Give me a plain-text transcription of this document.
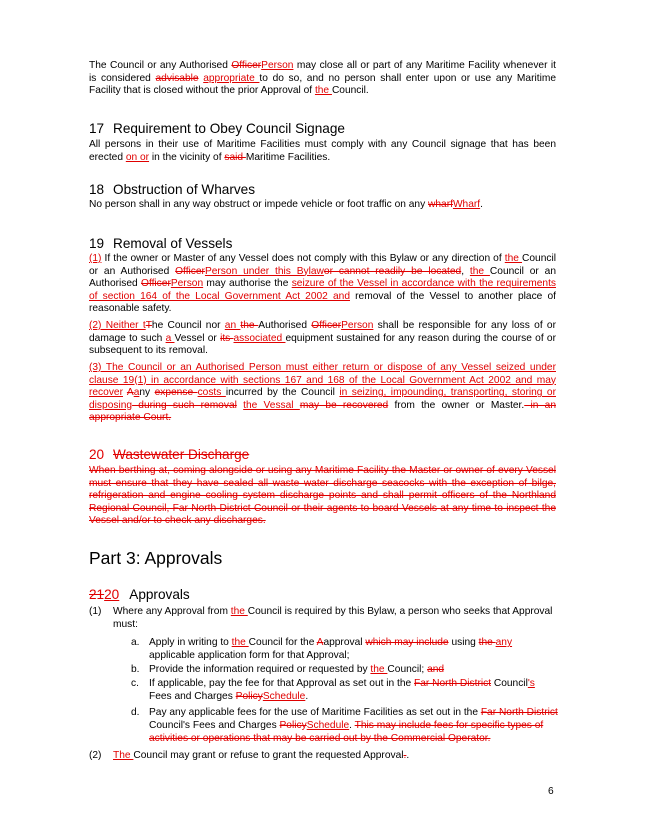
The Council or any Authorised OfficerPerson may close all or part of any Maritime Facility whenever it is considered advisable appropriate to do so, and no person shall enter upon or use any Maritime Facility that is closed without the prior Approval of the Council.

17 Requirement to Obey Council Signage

All persons in their use of Maritime Facilities must comply with any Council signage that has been erected on or in the vicinity of said Maritime Facilities.

18 Obstruction of Wharves

No person shall in any way obstruct or impede vehicle or foot traffic on any wharfWharf.

19 Removal of Vessels

(1) If the owner or Master of any Vessel does not comply with this Bylaw or any direction of the Council or an Authorised OfficerPerson under this Bylawor cannot readily be located, the Council or an Authorised OfficerPerson may authorise the seizure of the Vessel in accordance with the requirements of section 164 of the Local Government Act 2002 and removal of the Vessel to another place of reasonable safety.

(2) Neither tThe Council nor an the Authorised OfficerPerson shall be responsible for any loss of or damage to such a Vessel or its associated equipment sustained for any reason during the course of or subsequent to its removal.

(3) The Council or an Authorised Person must either return or dispose of any Vessel seized under clause 19(1) in accordance with sections 167 and 168 of the Local Government Act 2002 and may recover Aany expense costs incurred by the Council in seizing, impounding, transporting, storing or disposing during such removal the Vessal may be recovered from the owner or Master. in an appropriate Court.

20 Wastewater Discharge

When berthing at, coming alongside or using any Maritime Facility the Master or owner of every Vessel must ensure that they have sealed all waste water discharge seacocks with the exception of bilge, refrigeration and engine cooling system discharge points and shall permit officers of the Northland Regional Council, Far North District Council or their agents to board Vessels at any time to inspect the Vessel and/or to check any discharges.

Part 3: Approvals
2120 Approvals
(1) Where any Approval from the Council is required by this Bylaw, a person who seeks that Approval must:

a. Apply in writing to the Council for the Aapproval which may include using the any applicable application form for that Approval;

b. Provide the information required or requested by the Council; and

c. If applicable, pay the fee for that Approval as set out in the Far North District Council's Fees and Charges PolicySchedule.

d. Pay any applicable fees for the use of Maritime Facilities as set out in the Far North District Council's Fees and Charges PolicySchedule. This may include fees for specific types of activities or operations that may be carried out by the Commercial Operator.

(2) The Council may grant or refuse to grant the requested Approval..

6
